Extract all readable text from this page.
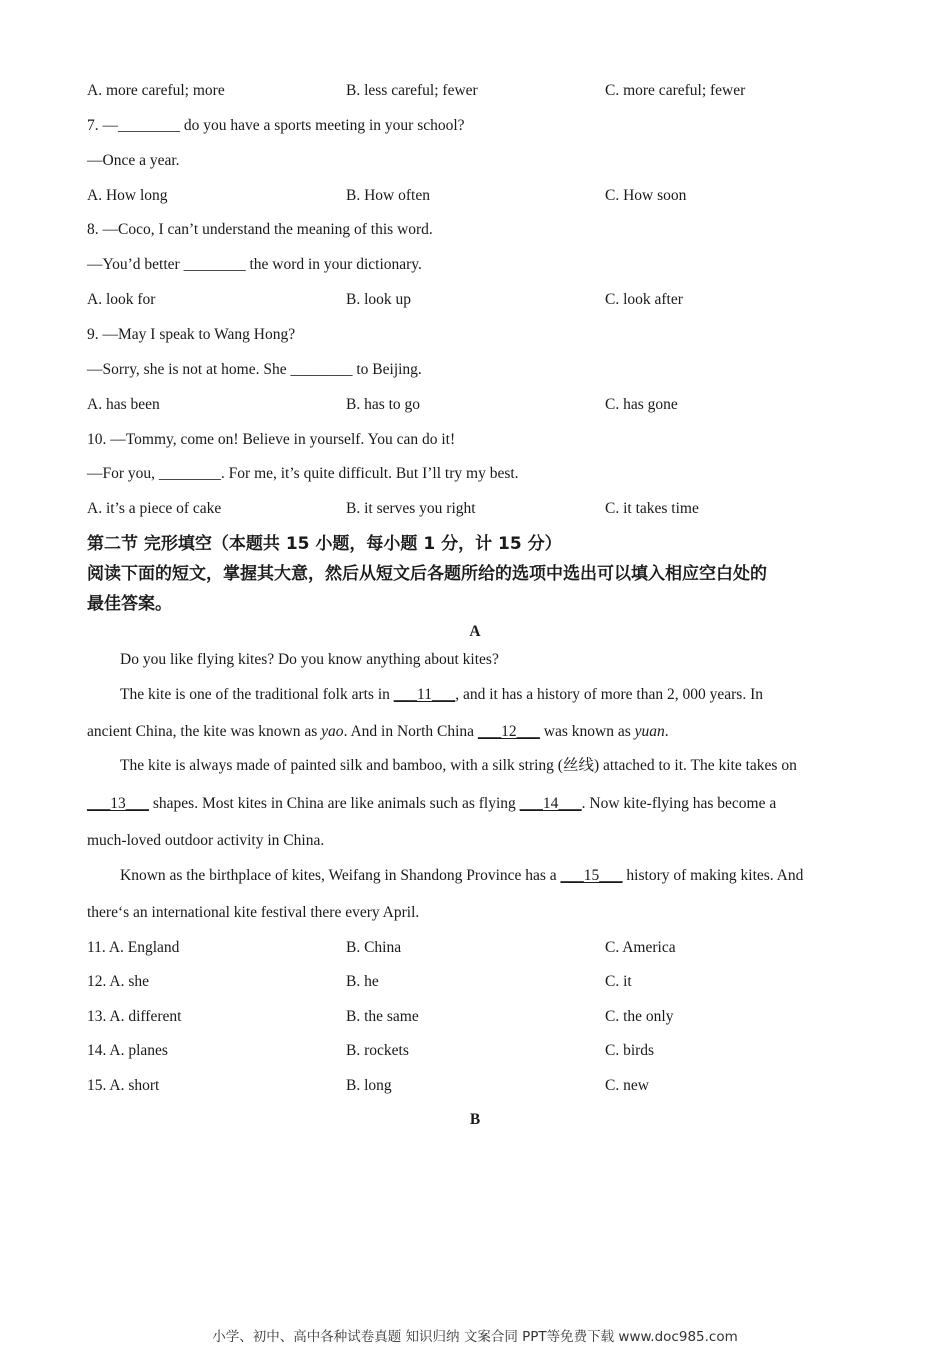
A. more careful; more	B. less careful; fewer	C. more careful; fewer
7. —________ do you have a sports meeting in your school?
—Once a year.
A. How long	B. How often	C. How soon
8. —Coco, I can’t understand the meaning of this word.
—You’d better ________ the word in your dictionary.
A. look for	B. look up	C. look after
9. —May I speak to Wang Hong?
—Sorry, she is not at home. She ________ to Beijing.
A. has been	B. has to go	C. has gone
10. —Tommy, come on! Believe in yourself. You can do it!
—For you, ________. For me, it’s quite difficult. But I’ll try my best.
A. it’s a piece of cake	B. it serves you right	C. it takes time
第二节 完形填空（本题共 15 小题，每小题 1 分，计 15 分）
阅读下面的短文，掌握其大意，然后从短文后各题所给的选项中选出可以填入相应空白处的
最佳答案。
A
Do you like flying kites? Do you know anything about kites?
The kite is one of the traditional folk arts in ___11___, and it has a history of more than 2, 000 years. In
ancient China, the kite was known as yao. And in North China ___12___ was known as yuan.
The kite is always made of painted silk and bamboo, with a silk string (丝线) attached to it. The kite takes on
___13___ shapes. Most kites in China are like animals such as flying ___14___. Now kite-flying has become a
much-loved outdoor activity in China.
Known as the birthplace of kites, Weifang in Shandong Province has a ___15___ history of making kites. And
there‘s an international kite festival there every April.
11. A. England	B. China	C. America
12. A. she	B. he	C. it
13. A. different	B. the same	C. the only
14. A. planes	B. rockets	C. birds
15. A. short	B. long	C. new
B
小学、初中、高中各种试卷真题 知识归纳 文案合同 PPT等免费下载 www.doc985.com
